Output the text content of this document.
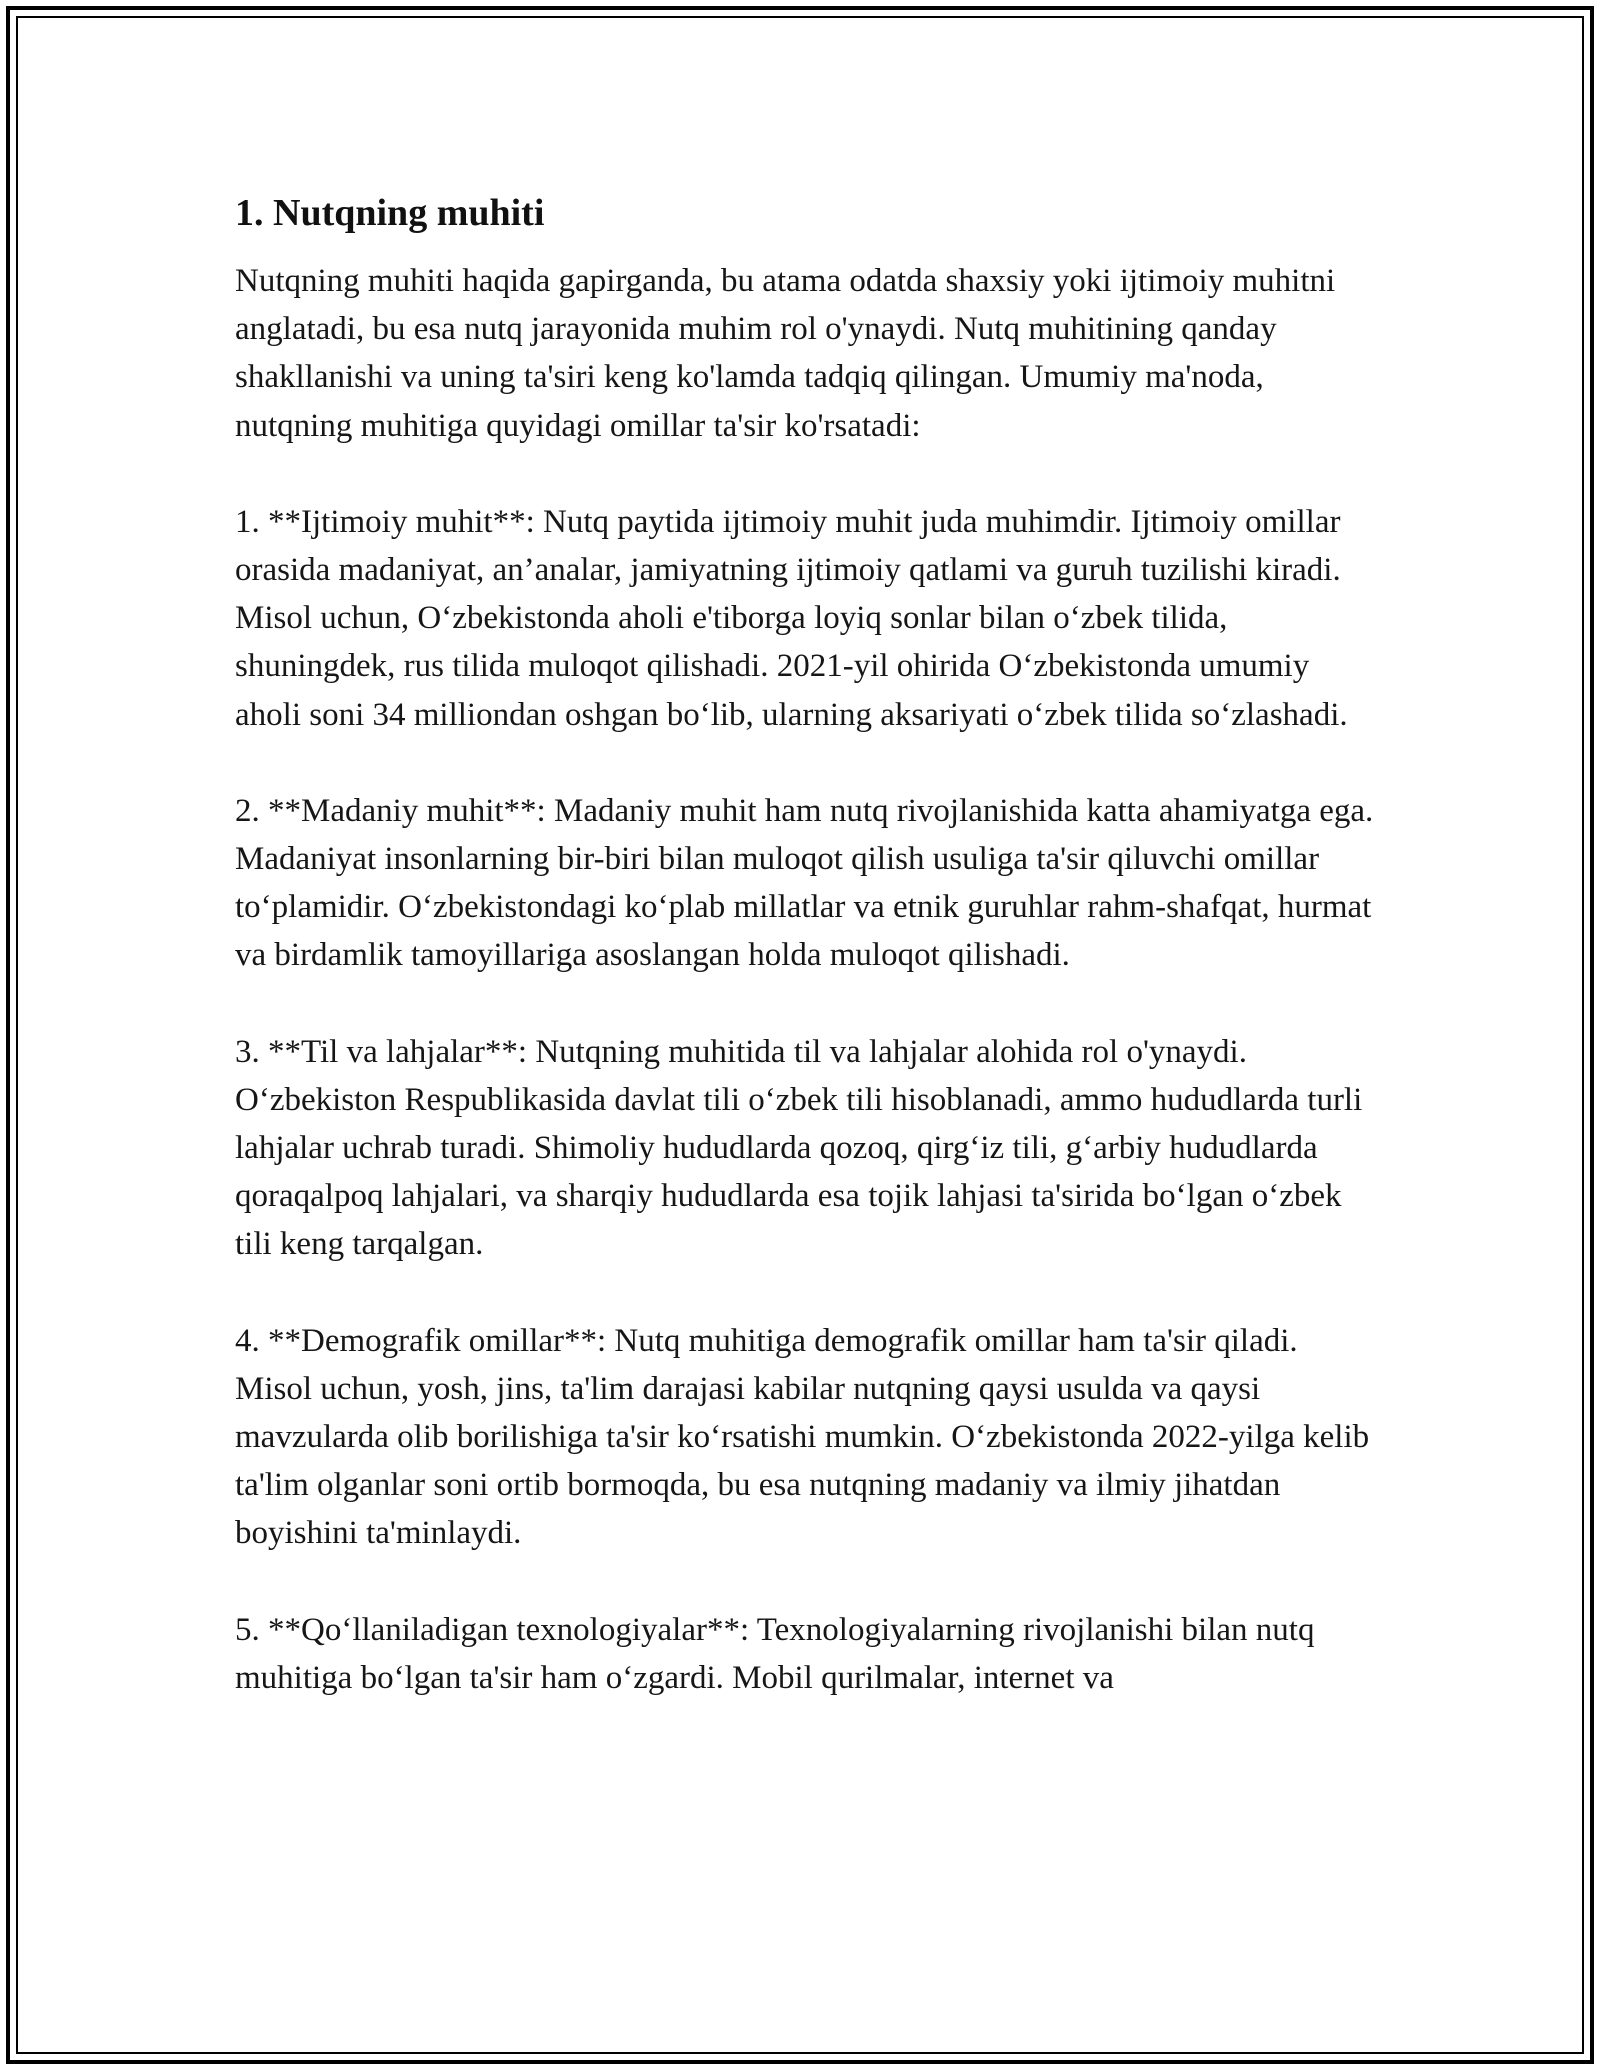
1. Nutqning muhiti

Nutqning muhiti haqida gapirganda, bu atama odatda shaxsiy yoki ijtimoiy muhitni anglatadi, bu esa nutq jarayonida muhim rol o'ynaydi. Nutq muhitining qanday shakllanishi va uning ta'siri keng ko'lamda tadqiq qilingan. Umumiy ma'noda, nutqning muhitiga quyidagi omillar ta'sir ko'rsatadi:

1. **Ijtimoiy muhit**: Nutq paytida ijtimoiy muhit juda muhimdir. Ijtimoiy omillar orasida madaniyat, an’analar, jamiyatning ijtimoiy qatlami va guruh tuzilishi kiradi. Misol uchun, O‘zbekistonda aholi e'tiborga loyiq sonlar bilan o‘zbek tilida, shuningdek, rus tilida muloqot qilishadi. 2021-yil ohirida O‘zbekistonda umumiy aholi soni 34 milliondan oshgan bo‘lib, ularning aksariyati o‘zbek tilida so‘zlashadi.

2. **Madaniy muhit**: Madaniy muhit ham nutq rivojlanishida katta ahamiyatga ega. Madaniyat insonlarning bir-biri bilan muloqot qilish usuliga ta'sir qiluvchi omillar to‘plamidir. O‘zbekistondagi ko‘plab millatlar va etnik guruhlar rahm-shafqat, hurmat va birdamlik tamoyillariga asoslangan holda muloqot qilishadi.

3. **Til va lahjalar**: Nutqning muhitida til va lahjalar alohida rol o'ynaydi. O‘zbekiston Respublikasida davlat tili o‘zbek tili hisoblanadi, ammo hududlarda turli lahjalar uchrab turadi. Shimoliy hududlarda qozoq, qirg‘iz tili, g‘arbiy hududlarda qoraqalpoq lahjalari, va sharqiy hududlarda esa tojik lahjasi ta'sirida bo‘lgan o‘zbek tili keng tarqalgan.

4. **Demografik omillar**: Nutq muhitiga demografik omillar ham ta'sir qiladi. Misol uchun, yosh, jins, ta'lim darajasi kabilar nutqning qaysi usulda va qaysi mavzularda olib borilishiga ta'sir ko‘rsatishi mumkin. O‘zbekistonda 2022-yilga kelib ta'lim olganlar soni ortib bormoqda, bu esa nutqning madaniy va ilmiy jihatdan boyishini ta'minlaydi.

5. **Qo‘llaniladigan texnologiyalar**: Texnologiyalarning rivojlanishi bilan nutq muhitiga bo‘lgan ta'sir ham o‘zgardi. Mobil qurilmalar, internet va
